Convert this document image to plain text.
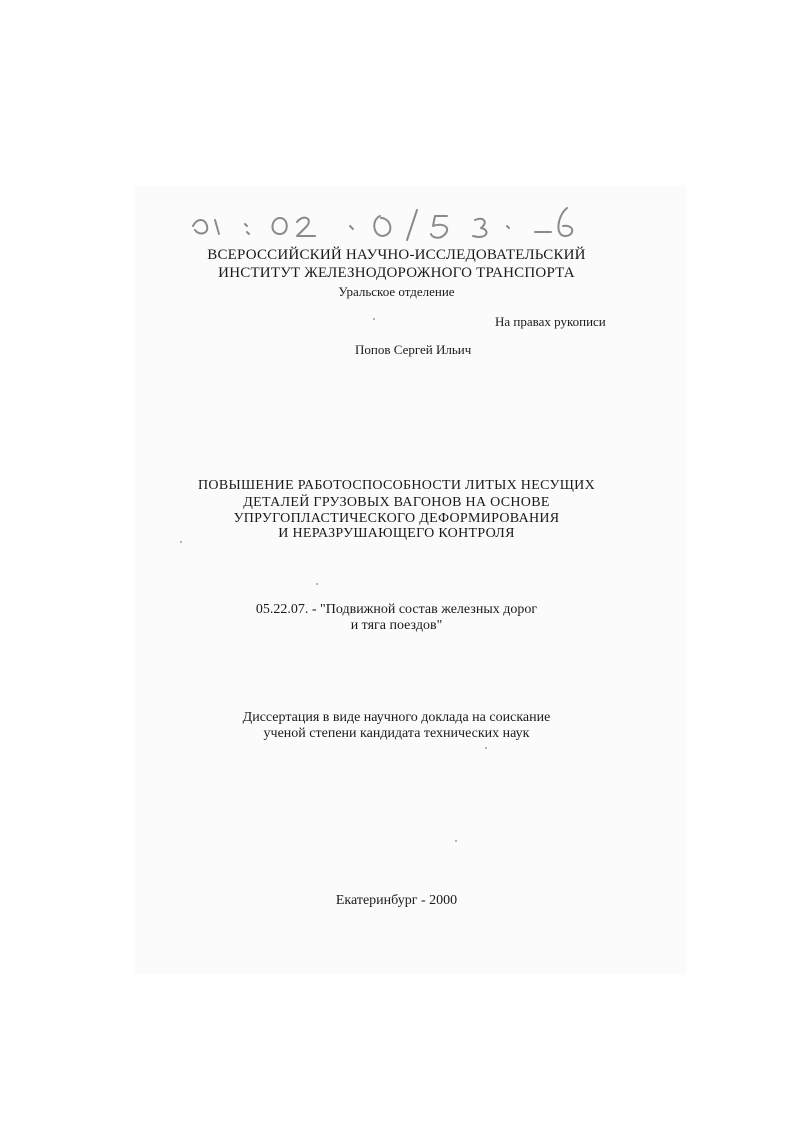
ВСЕРОССИЙСКИЙ НАУЧНО-ИССЛЕДОВАТЕЛЬСКИЙ

ИНСТИТУТ ЖЕЛЕЗНОДОРОЖНОГО ТРАНСПОРТА

Уральское отделение

На правах рукописи

Попов Сергей Ильич

ПОВЫШЕНИЕ РАБОТОСПОСОБНОСТИ ЛИТЫХ НЕСУЩИХ

ДЕТАЛЕЙ ГРУЗОВЫХ ВАГОНОВ НА ОСНОВЕ

УПРУГОПЛАСТИЧЕСКОГО ДЕФОРМИРОВАНИЯ

И НЕРАЗРУШАЮЩЕГО КОНТРОЛЯ

05.22.07. - "Подвижной состав железных дорог

и тяга поездов"

Диссертация в виде научного доклада на соискание

ученой степени кандидата технических наук

Екатеринбург - 2000
